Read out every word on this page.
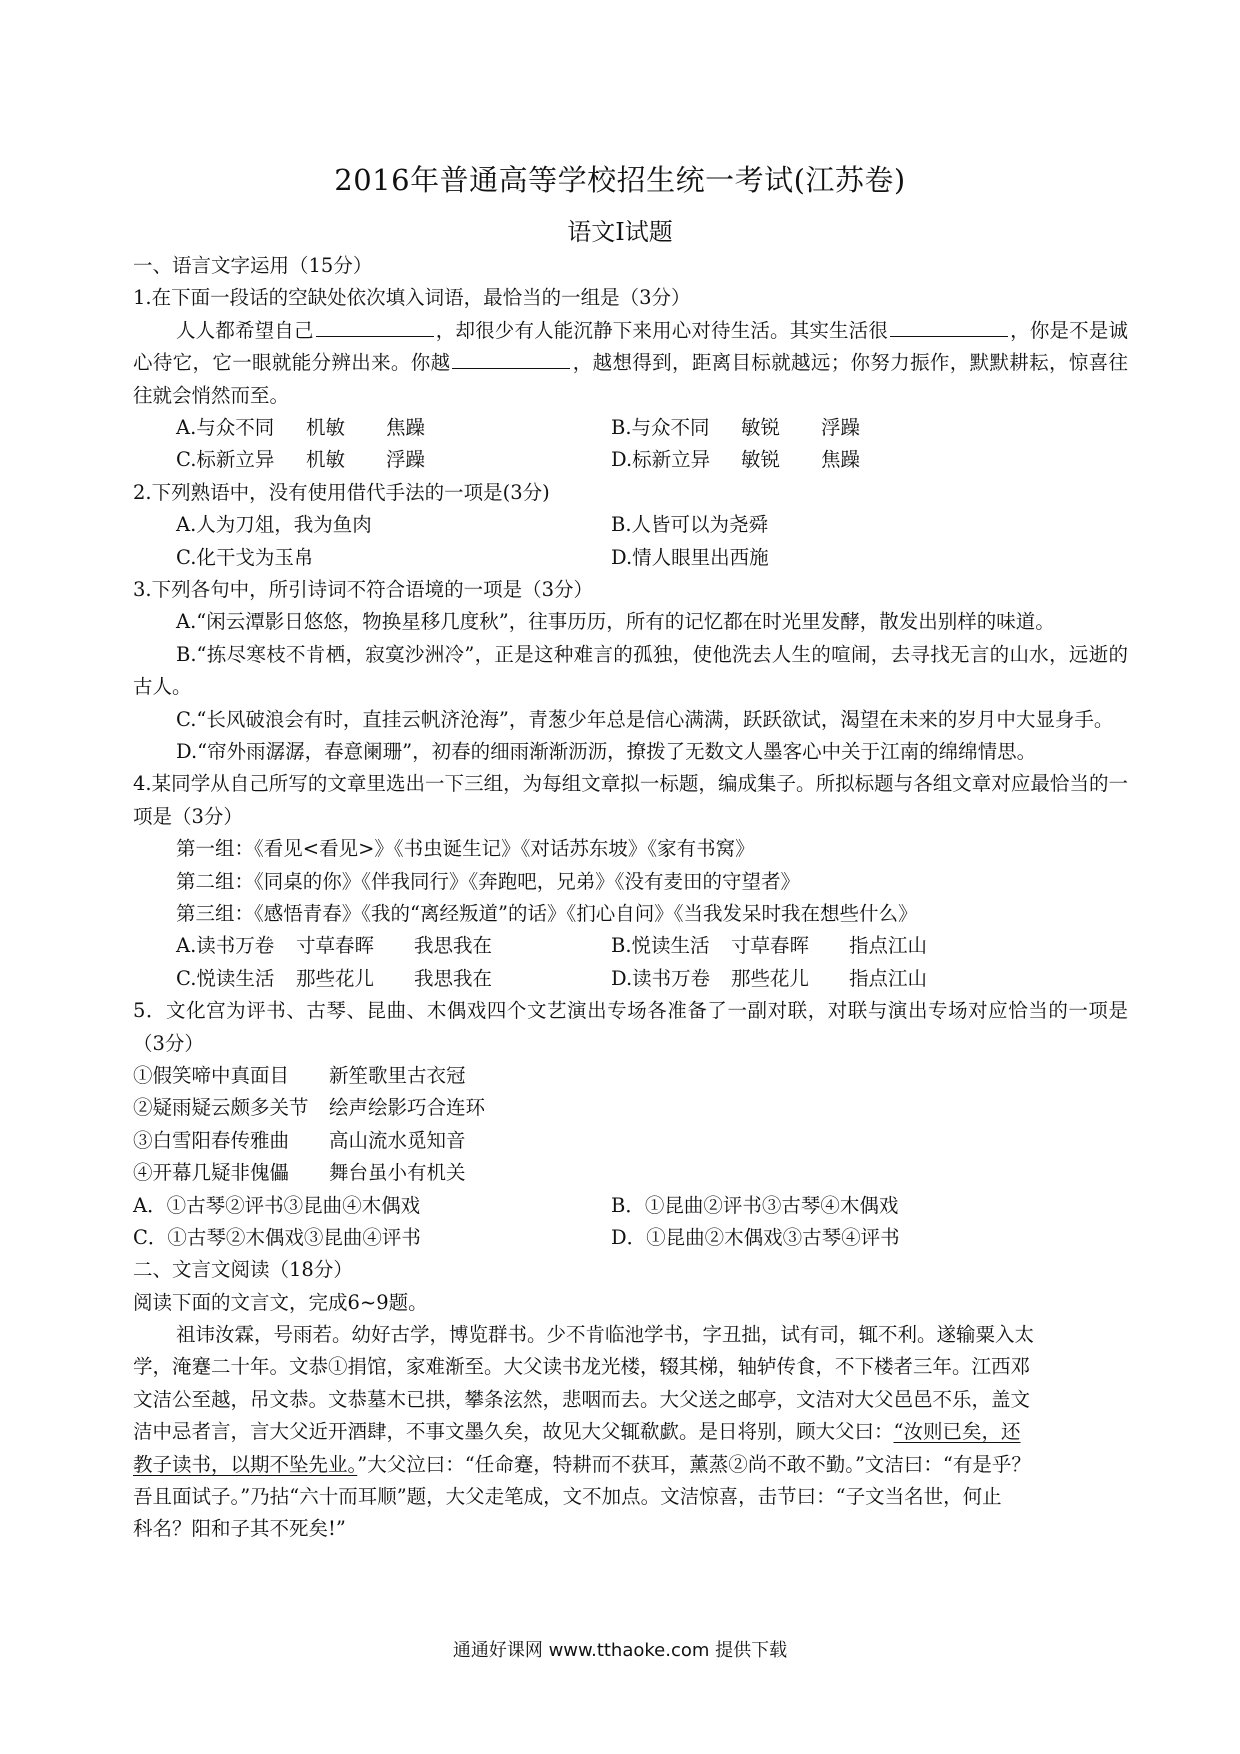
2016年普通高等学校招生统一考试(江苏卷)
语文Ⅰ试题
一、语言文字运用（15分）
1.在下面一段话的空缺处依次填入词语，最恰当的一组是（3分）
人人都希望自己	，却很少有人能沉静下来用心对待生活。其实生活很	，你是不是诚心待它，它一眼就能分辨出来。你越	，越想得到，距离目标就越远；你努力振作，默默耕耘，惊喜往往就会悄然而至。
A.与众不同	机敏	焦躁	B.与众不同	敏锐	浮躁
C.标新立异	机敏	浮躁	D.标新立异	敏锐	焦躁
2.下列熟语中，没有使用借代手法的一项是(3分)
A.人为刀俎，我为鱼肉	B.人皆可以为尧舜
C.化干戈为玉帛	D.情人眼里出西施
3.下列各句中，所引诗词不符合语境的一项是（3分）
A.“闲云潭影日悠悠，物换星移几度秋”，往事历历，所有的记忆都在时光里发酵，散发出别样的味道。
B.“拣尽寒枝不肯栖，寂寞沙洲冷”，正是这种难言的孤独，使他洗去人生的喧闹，去寻找无言的山水，远逝的古人。
C.“长风破浪会有时，直挂云帆济沧海”，青葱少年总是信心满满，跃跃欲试，渴望在未来的岁月中大显身手。
D.“帘外雨潺潺，春意阑珊”，初春的细雨渐渐沥沥，撩拨了无数文人墨客心中关于江南的绵绵情思。
4.某同学从自己所写的文章里选出一下三组，为每组文章拟一标题，编成集子。所拟标题与各组文章对应最恰当的一项是（3分）
第一组：《看见<看见>》《书虫诞生记》《对话苏东坡》《家有书窝》
第二组：《同桌的你》《伴我同行》《奔跑吧，兄弟》《没有麦田的守望者》
第三组：《感悟青春》《我的“离经叛道”的话》《扪心自问》《当我发呆时我在想些什么》
A.读书万卷	寸草春晖	我思我在	B.悦读生活	寸草春晖	指点江山
C.悦读生活	那些花儿	我思我在	D.读书万卷	那些花儿	指点江山
5．文化宫为评书、古琴、昆曲、木偶戏四个文艺演出专场各准备了一副对联，对联与演出专场对应恰当的一项是（3分）
①假笑啼中真面目 新笙歌里古衣冠
②疑雨疑云颇多关节 绘声绘影巧合连环
③白雪阳春传雅曲 高山流水觅知音
④开幕几疑非傀儡 舞台虽小有机关
A．①古琴②评书③昆曲④木偶戏	B．①昆曲②评书③古琴④木偶戏
C．①古琴②木偶戏③昆曲④评书	D．①昆曲②木偶戏③古琴④评书
二、文言文阅读（18分）
阅读下面的文言文，完成6~9题。
祖讳汝霖，号雨若。幼好古学，博览群书。少不肯临池学书，字丑拙，试有司，辄不利。遂输粟入太
学，淹蹇二十年。文恭①捐馆，家难渐至。大父读书龙光楼，辍其梯，轴轳传食，不下楼者三年。江西邓
文洁公至越，吊文恭。文恭墓木已拱，攀条泫然，悲咽而去。大父送之邮亭，文洁对大父邑邑不乐，盖文
洁中忌者言，言大父近开酒肆，不事文墨久矣，故见大父辄欷歔。是日将别，顾大父曰：“汝则已矣，还
教子读书，以期不坠先业。”大父泣曰：“任命蹇，特耕而不获耳，薰蒸②尚不敢不勤。”文洁曰：“有是乎？
吾且面试子。”乃拈“六十而耳顺”题，大父走笔成，文不加点。文洁惊喜，击节曰：“子文当名世，何止
科名？阳和子其不死矣!”
通通好课网 www.tthaoke.com 提供下载
